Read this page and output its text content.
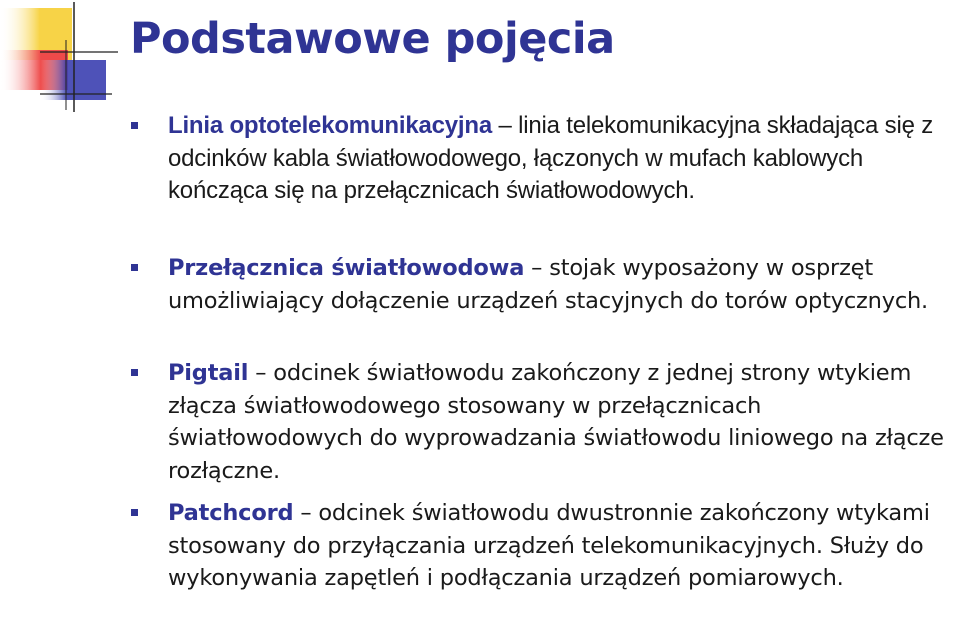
Podstawowe pojęcia
Linia optotelekomunikacyjna – linia telekomunikacyjna składająca się z odcinków kabla światłowodowego, łączonych w mufach kablowych kończąca się na przełącznicach światłowodowych.
Przełącznica światłowodowa – stojak wyposażony w osprzęt umożliwiający dołączenie urządzeń stacyjnych do torów optycznych.
Pigtail – odcinek światłowodu zakończony z jednej strony wtykiem złącza światłowodowego stosowany w przełącznicach światłowodowych do wyprowadzania światłowodu liniowego na złącze rozłączne.
Patchcord – odcinek światłowodu dwustronnie zakończony wtykami stosowany do przyłączania urządzeń telekomunikacyjnych. Służy do wykonywania zapętleń i podłączania urządzeń pomiarowych.
